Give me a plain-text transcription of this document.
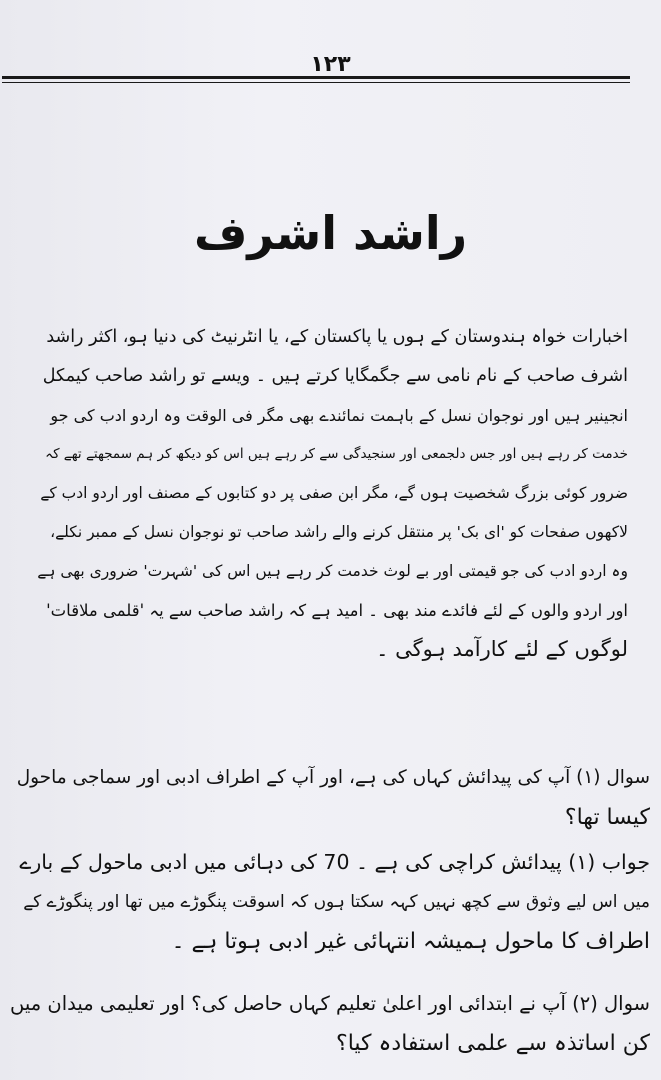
۱۲۳
راشد اشرف
اخبارات خواہ ہندوستان کے ہوں یا پاکستان کے، یا انٹرنیٹ کی دنیا ہو، اکثر راشد
اشرف صاحب کے نام نامی سے جگمگایا کرتے ہیں ۔ ویسے تو راشد صاحب کیمکل
انجینیر ہیں اور نوجوان نسل کے باہمت نمائندے بھی مگر فی الوقت وہ اردو ادب کی جو
خدمت کر رہے ہیں اور جس دلجمعی اور سنجیدگی سے کر رہے ہیں اس کو دیکھ کر ہم سمجھتے تھے کہ
ضرور کوئی بزرگ شخصیت ہوں گے، مگر ابن صفی پر دو کتابوں کے مصنف اور اردو ادب کے
لاکھوں صفحات کو 'ای بک' پر منتقل کرنے والے راشد صاحب تو نوجوان نسل کے ممبر نکلے،
وہ اردو ادب کی جو قیمتی اور بے لوث خدمت کر رہے ہیں اس کی 'شہرت' ضروری بھی ہے
اور اردو والوں کے لئے فائدے مند بھی ۔ امید ہے کہ راشد صاحب سے یہ 'قلمی ملاقات'
لوگوں کے لئے کارآمد ہوگی ۔
سوال (۱) آپ کی پیدائش کہاں کی ہے، اور آپ کے اطراف ادبی اور سماجی ماحول
کیسا تھا؟
جواب (۱) پیدائش کراچی کی ہے ۔ 70 کی دہائی میں ادبی ماحول کے بارے
میں اس لیے وثوق سے کچھ نہیں کہہ سکتا ہوں کہ اسوقت پنگوڑے میں تھا اور پنگوڑے کے
اطراف کا ماحول ہمیشہ انتہائی غیر ادبی ہوتا ہے ۔
سوال (۲) آپ نے ابتدائی اور اعلیٰ تعلیم کہاں حاصل کی؟ اور تعلیمی میدان میں
کن اساتذہ سے علمی استفادہ کیا؟
